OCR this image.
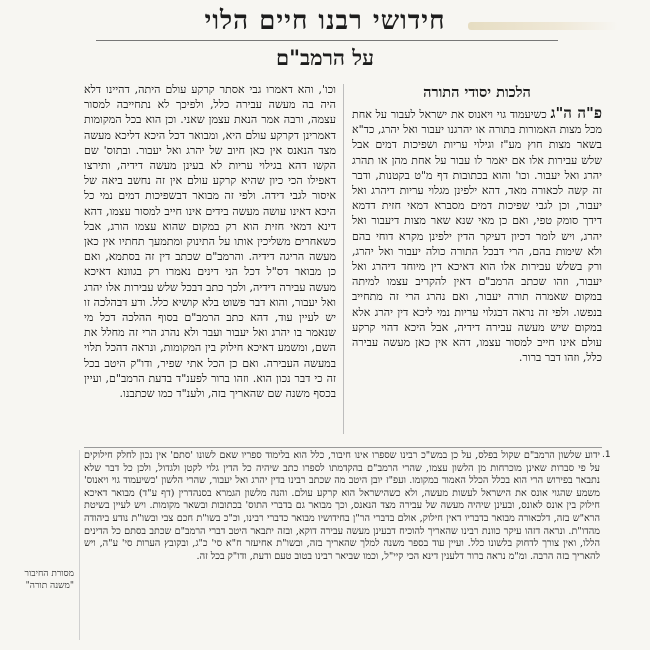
חידושי רבנו חיים הלוי
על הרמב"ם
הלכות יסודי התורה

פ"ה ה"ג כשיעמוד גוי ויאנוס את ישראל לעבור על אחת מכל מצות האמורות בתורה או יהרגנו יעבור ואל יהרג, כד"א בשאר מצות חוץ מע"ז וגילוי עריות ושפיכות דמים אבל שלש עבירות אלו אם יאמר לו עבור על אחת מהן או תהרג יהרג ואל יעבור. וכו' והוא בכתובות דף מ"ט בקטנות, ודבר זה קשה לכאורה מאד, דהא ילפינן מגלוי עריות דיהרג ואל יעבור, וכן לגבי שפיכות דמים מסברא דמאי חזית דדמא דידך סומק טפי, ואם כן מאי שנא שאר מצות דיעבור ואל יהרג, ויש לומר דכיון דעיקר הדין ילפינן מקרא דוחי בהם ולא שימות בהם, הרי דבכל התורה כולה יעבור ואל יהרג, ורק בשלש עבירות אלו הוא דאיכא דין מיוחד דיהרג ואל יעבור, וזהו שכתב הרמב"ם דאין להקריב עצמו למיתה במקום שאמרה תורה יעבור, ואם נהרג הרי זה מתחייב בנפשו. ולפי זה נראה דבגלוי עריות נמי ליכא דין יהרג אלא במקום שיש מעשה עבירה דידיה, אבל היכא דהוי קרקע עולם אינו חייב למסור עצמו, דהא אין כאן מעשה עבירה כלל, וזהו דבר ברור.

וכו', והא דאמרו גבי אסתר קרקע עולם היתה, דהיינו דלא היה בה מעשה עבירה כלל, ולפיכך לא נתחייבה למסור עצמה, ורבה אמר הנאת עצמן שאני. וכן הוא בכל המקומות דאמרינן דקרקע עולם היא, ומבואר דכל היכא דליכא מעשה מצד הנאנס אין כאן חיוב של יהרג ואל יעבור. ובתוס' שם הקשו דהא בגילוי עריות לא בעינן מעשה דידיה, ותירצו דאפילו הכי כיון שהיא קרקע עולם אין זה נחשב ביאה של איסור לגבי דידה. ולפי זה מבואר דבשפיכות דמים נמי כל היכא דאינו עושה מעשה בידים אינו חייב למסור עצמו, דהא דינא דמאי חזית הוא רק במקום שהוא עצמו הורג, אבל כשאחרים משליכין אותו על התינוק ומתמעך תחתיו אין כאן מעשה הריגה דידיה. והרמב"ם שכתב דין זה בסתמא, ואם כן מבואר דס"ל דכל הני דינים נאמרו רק בגוונא דאיכא מעשה עבירה דידיה, ולכך כתב דבכל שלש עבירות אלו יהרג ואל יעבור, והוא דבר פשוט בלא קושיא כלל. ודע דבהלכה זו יש לעיין עוד, דהא כתב הרמב"ם בסוף ההלכה דכל מי שנאמר בו יהרג ואל יעבור ועבר ולא נהרג הרי זה מחלל את השם, ומשמע דאיכא חילוק בין המקומות, ונראה דהכל תלוי במעשה העבירה. ואם כן הכל אתי שפיר, ודו"ק היטב בכל זה כי דבר נכון הוא. וזהו ברור לפענ"ד בדעת הרמב"ם, ועיין בכסף משנה שם שהאריך בזה, ולענ"ד כמו שכתבנו.

1.
ידוע שלשון הרמב"ם שקול בפלס, על כן במש"כ רבינו שספרו אינו חיבור, כלל הוא בלימוד ספריו שאם לשונו 'סתם' אין נכון לחלק חילוקים על פי סברות שאינן מוכרחות מן הלשון עצמו, שהרי הרמב"ם בהקדמתו לספרו כתב שיהיה כל הדין גלוי לקטן ולגדול, ולכן כל דבר שלא נתבאר בפירוש הרי הוא בכלל הכלל האמור במקומו. ועפ"ז יובן היטב מה שכתב רבינו בדין יהרג ואל יעבור, שהרי הלשון 'כשיעמוד גוי ויאנוס' משמע שהגוי אונס את הישראל לעשות מעשה, ולא כשהישראל הוא קרקע עולם. והנה מלשון הגמרא בסנהדרין (דף ע"ד) מבואר דאיכא חילוק בין אונס לאונס, ובעינן שיהיה מעשה של עבירה מצד הנאנס, וכך מבואר גם בדברי התוס' בכתובות ובשאר מקומות. ויש לעיין בשיטת הרא"ש בזה, דלכאורה מבואר בדבריו דאין חילוק, אולם בדברי הר"ן בחידושיו מבואר כדברי רבינו, וכ"כ בשו"ת חכם צבי ובשו"ת נודע ביהודה מהדו"ת. ונראה דזהו עיקר כוונת רבינו שהאריך להוכיח דבעינן מעשה עבירה דוקא, ובזה יתבאר היטב דברי הרמב"ם שכתב בסתם כל הדינים הללו, ואין צורך לדחוק בלשונו כלל. ועיין עוד בספר משנה למלך שהאריך בזה, ובשו"ת אחיעזר ח"א סי' כ"ג, ובקובץ הערות סי' ע"ה, ויש להאריך בזה הרבה. ומ"מ נראה ברור דלענין דינא הכי קיי"ל, וכמו שביאר רבינו בטוב טעם ודעת, ודו"ק בכל זה.
מסורת החיבור "משנה תורה"
